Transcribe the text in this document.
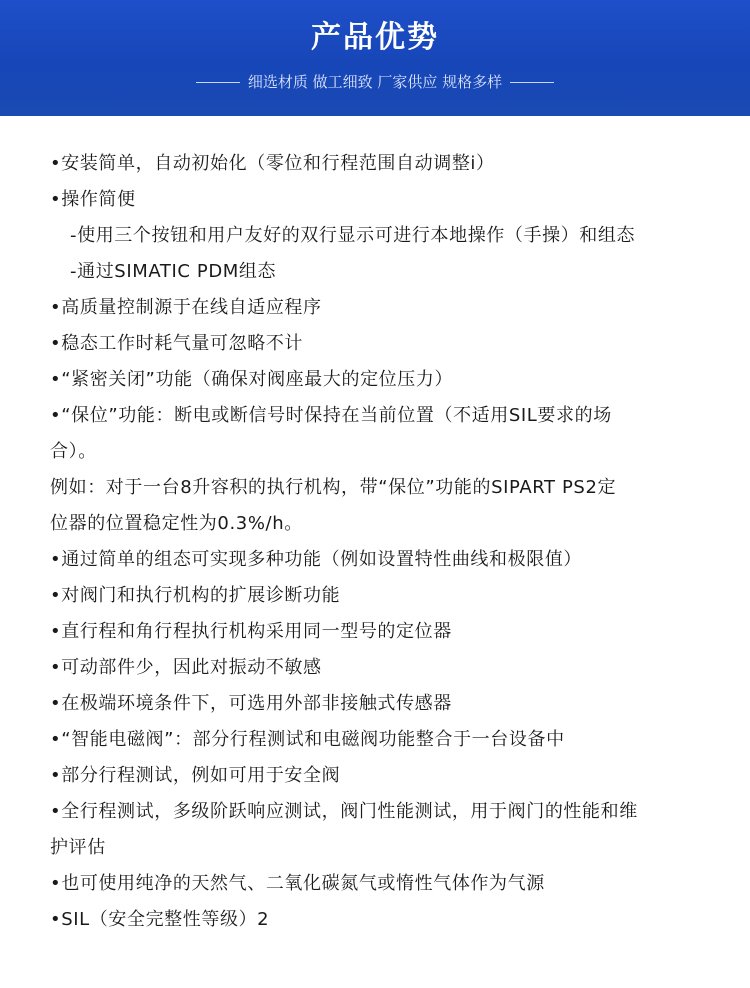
产品优势
细选材质 做工细致 厂家供应 规格多样
•安装简单，自动初始化（零位和行程范围自动调整i）
•操作简便
-使用三个按钮和用户友好的双行显示可进行本地操作（手操）和组态
-通过SIMATIC PDM组态
•高质量控制源于在线自适应程序
•稳态工作时耗气量可忽略不计
•“紧密关闭”功能（确保对阀座最大的定位压力）
•“保位”功能：断电或断信号时保持在当前位置（不适用SIL要求的场
合）。
例如：对于一台8升容积的执行机构，带“保位”功能的SIPART PS2定
位器的位置稳定性为0.3%/h。
•通过简单的组态可实现多种功能（例如设置特性曲线和极限值）
•对阀门和执行机构的扩展诊断功能
•直行程和角行程执行机构采用同一型号的定位器
•可动部件少，因此对振动不敏感
•在极端环境条件下，可选用外部非接触式传感器
•“智能电磁阀”：部分行程测试和电磁阀功能整合于一台设备中
•部分行程测试，例如可用于安全阀
•全行程测试，多级阶跃响应测试，阀门性能测试，用于阀门的性能和维
护评估
•也可使用纯净的天然气、二氧化碳氮气或惰性气体作为气源
•SIL（安全完整性等级）2
